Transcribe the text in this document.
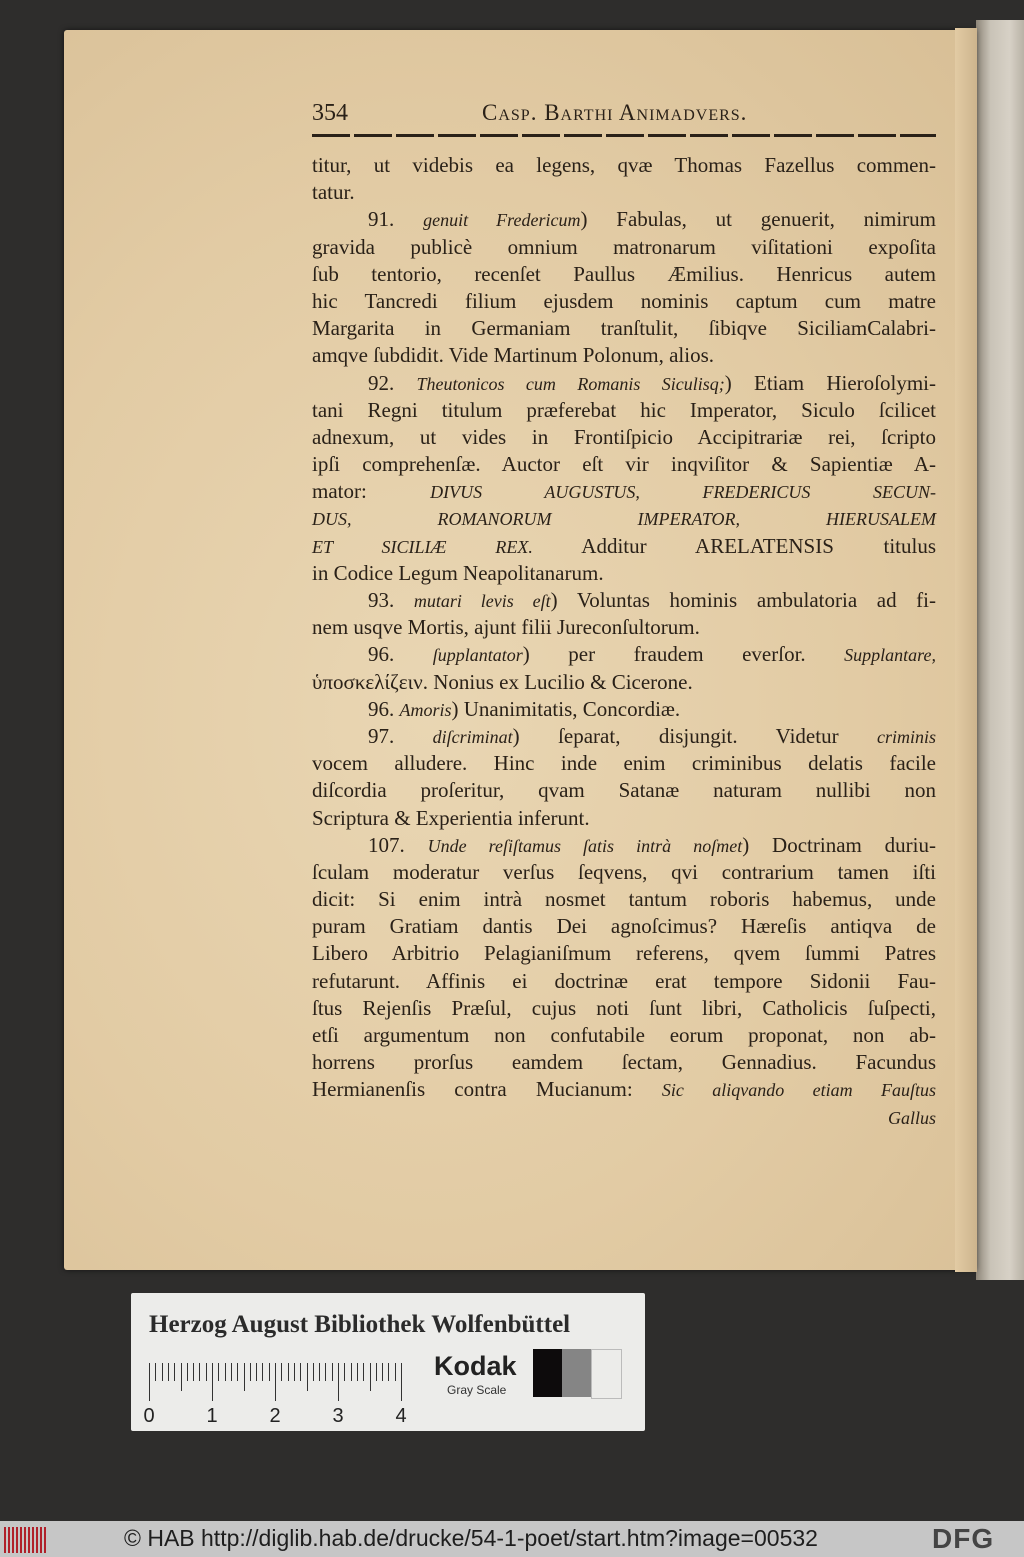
354	Casp. Barthi Animadvers.
titur, ut videbis ea legens, qvæ Thomas Fazellus commen-
tatur.
91. genuit Fredericum) Fabulas, ut genuerit, nimirum
gravida publicè omnium matronarum viſitationi expoſita
ſub tentorio, recenſet Paullus Æmilius. Henricus autem
hic Tancredi filium ejusdem nominis captum cum matre
Margarita in Germaniam tranſtulit, ſibiqve SiciliamCalabri-
amqve ſubdidit. Vide Martinum Polonum, alios.
92. Theutonicos cum Romanis Siculisq;) Etiam Hieroſolymi-
tani Regni titulum præferebat hic Imperator, Siculo ſcilicet
adnexum, ut vides in Frontiſpicio Accipitrariæ rei, ſcripto
ipſi comprehenſæ. Auctor eſt vir inqviſitor & Sapientiæ A-
mator: DIVUS AUGUSTUS, FREDERICUS SECUN-
DUS, ROMANORUM IMPERATOR, HIERUSALEM
ET SICILIÆ REX. Additur ARELATENSIS titulus
in Codice Legum Neapolitanarum.
93. mutari levis eſt) Voluntas hominis ambulatoria ad fi-
nem usqve Mortis, ajunt filii Jureconſultorum.
96. ſupplantator) per fraudem everſor. Supplantare,
ὑποσκελίζειν. Nonius ex Lucilio & Cicerone.
96. Amoris) Unanimitatis, Concordiæ.
97. diſcriminat) ſeparat, disjungit. Videtur criminis
vocem alludere. Hinc inde enim criminibus delatis facile
diſcordia proſeritur, qvam Satanæ naturam nullibi non
Scriptura & Experientia inferunt.
107. Unde reſiſtamus ſatis intrà noſmet) Doctrinam duriu-
ſculam moderatur verſus ſeqvens, qvi contrarium tamen iſti
dicit: Si enim intrà nosmet tantum roboris habemus, unde
puram Gratiam dantis Dei agnoſcimus? Hæreſis antiqva de
Libero Arbitrio Pelagianiſmum referens, qvem ſummi Patres
refutarunt. Affinis ei doctrinæ erat tempore Sidonii Fau-
ſtus Rejenſis Præſul, cujus noti ſunt libri, Catholicis ſuſpecti,
etſi argumentum non confutabile eorum proponat, non ab-
horrens prorſus eamdem ſectam, Gennadius. Facundus
Hermianenſis contra Mucianum: Sic aliqvando etiam Fauſtus
Gallus
Herzog August Bibliothek Wolfenbüttel
0	1	2	3	4
Kodak
Gray Scale
© HAB http://diglib.hab.de/drucke/54-1-poet/start.htm?image=00532	DFG
